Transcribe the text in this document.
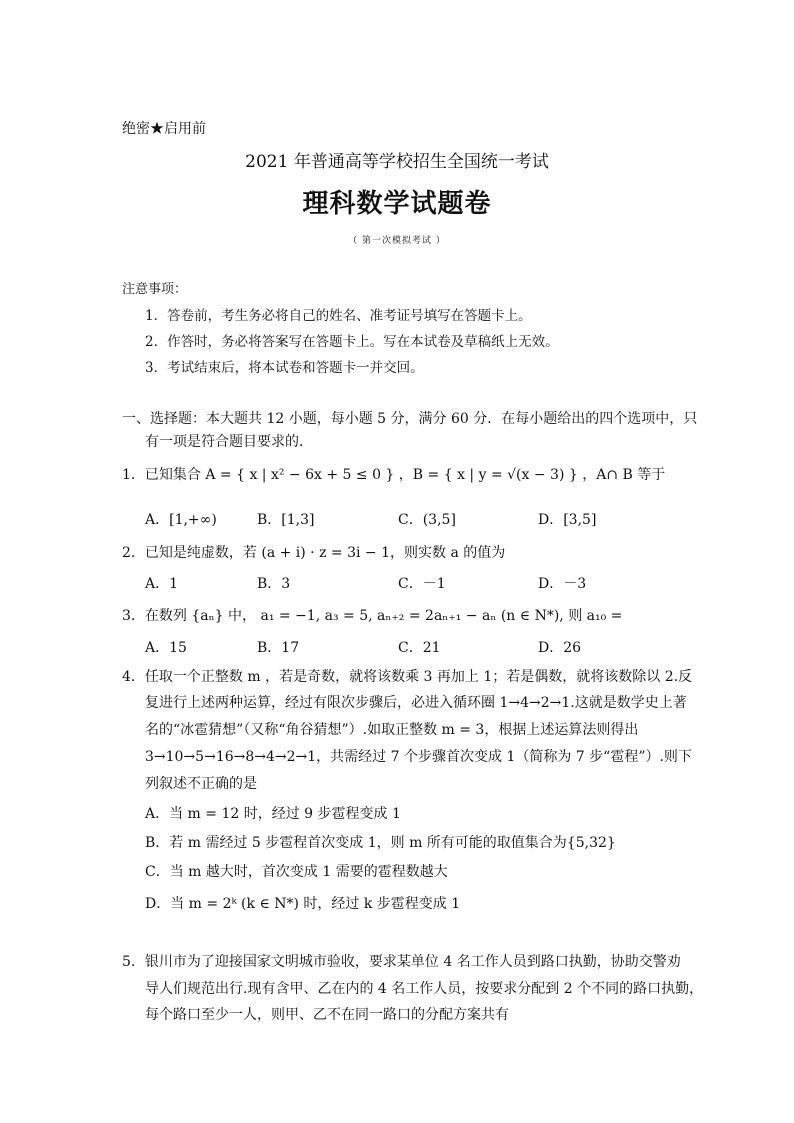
绝密★启用前
2021 年普通高等学校招生全国统一考试
理科数学试题卷
（ 第一次模拟考试 ）
注意事项：
1．答卷前，考生务必将自己的姓名、准考证号填写在答题卡上。
2．作答时，务必将答案写在答题卡上。写在本试卷及草稿纸上无效。
3．考试结束后，将本试卷和答题卡一并交回。
一、选择题：本大题共 12 小题，每小题 5 分，满分 60 分．在每小题给出的四个选项中，只
有一项是符合题目要求的．
1．已知集合 A = { x | x² − 6x + 5 ≤ 0 } ，B = { x | y = √(x − 3) } ，A∩ B 等于
A．[1,+∞)	B．[1,3]	C．(3,5]	D．[3,5]
2．已知是纯虚数，若 (a + i) · z = 3i − 1，则实数 a 的值为
A．1	B．3	C．－1	D．－3
3．在数列 {aₙ} 中， a₁ = −1, a₃ = 5, aₙ₊₂ = 2aₙ₊₁ − aₙ (n ∈ N*), 则 a₁₀ =
A．15	B．17	C．21	D．26
4．任取一个正整数 m ，若是奇数，就将该数乘 3 再加上 1；若是偶数，就将该数除以 2.反
复进行上述两种运算，经过有限次步骤后，必进入循环圈 1→4→2→1.这就是数学史上著
名的“冰雹猜想”（又称“角谷猜想”）.如取正整数 m = 3，根据上述运算法则得出
3→10→5→16→8→4→2→1，共需经过 7 个步骤首次变成 1（简称为 7 步“雹程”）.则下
列叙述不正确的是
A．当 m = 12 时，经过 9 步雹程变成 1
B．若 m 需经过 5 步雹程首次变成 1，则 m 所有可能的取值集合为{5,32}
C．当 m 越大时，首次变成 1 需要的雹程数越大
D．当 m = 2ᵏ (k ∈ N*) 时，经过 k 步雹程变成 1
5．银川市为了迎接国家文明城市验收，要求某单位 4 名工作人员到路口执勤，协助交警劝
导人们规范出行.现有含甲、乙在内的 4 名工作人员，按要求分配到 2 个不同的路口执勤，
每个路口至少一人，则甲、乙不在同一路口的分配方案共有
